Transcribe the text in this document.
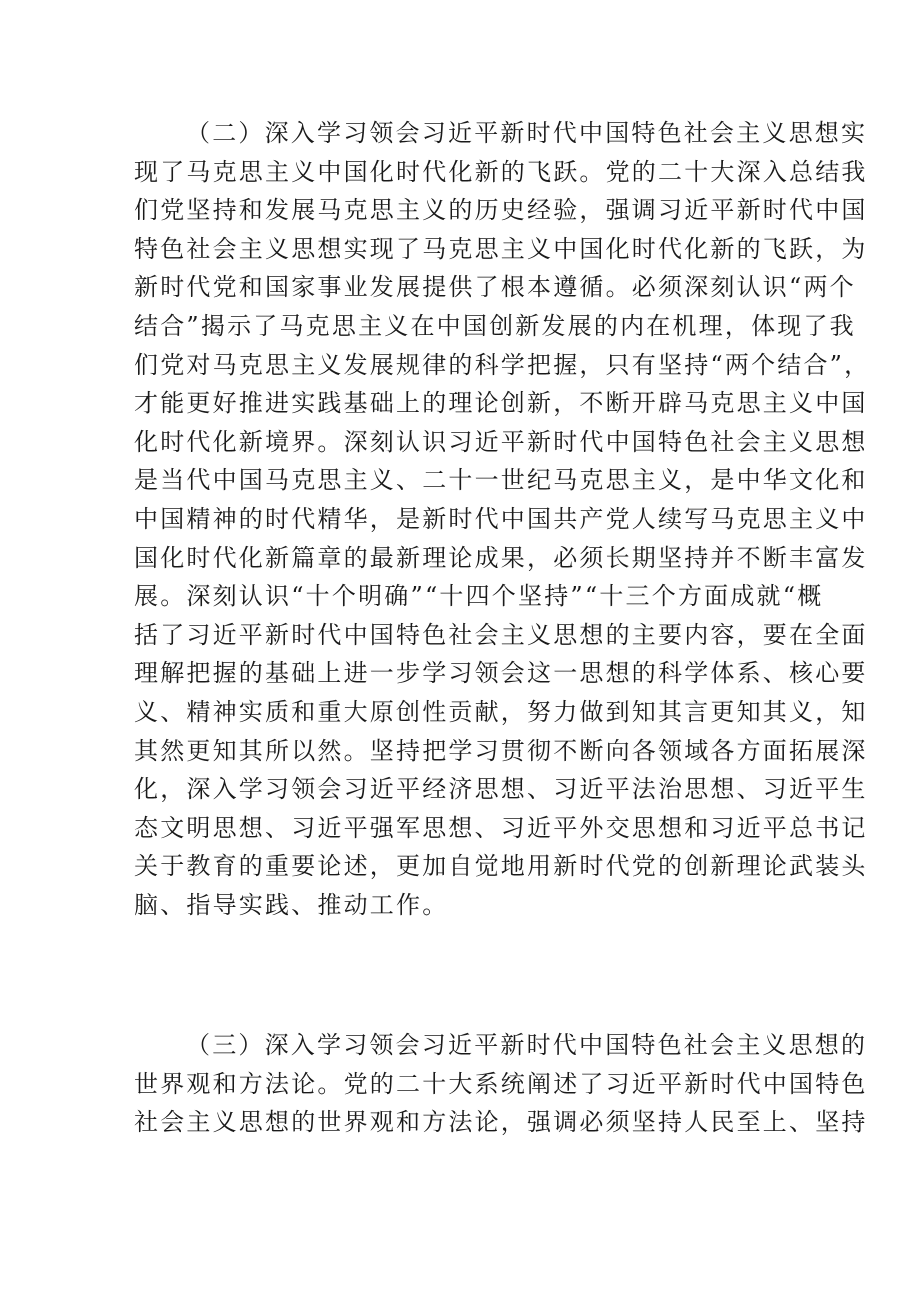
（二）深入学习领会习近平新时代中国特色社会主义思想实
现了马克思主义中国化时代化新的飞跃。党的二十大深入总结我
们党坚持和发展马克思主义的历史经验，强调习近平新时代中国
特色社会主义思想实现了马克思主义中国化时代化新的飞跃，为
新时代党和国家事业发展提供了根本遵循。必须深刻认识“两个
结合”揭示了马克思主义在中国创新发展的内在机理，体现了我
们党对马克思主义发展规律的科学把握，只有坚持“两个结合”，
才能更好推进实践基础上的理论创新，不断开辟马克思主义中国
化时代化新境界。深刻认识习近平新时代中国特色社会主义思想
是当代中国马克思主义、二十一世纪马克思主义，是中华文化和
中国精神的时代精华，是新时代中国共产党人续写马克思主义中
国化时代化新篇章的最新理论成果，必须长期坚持并不断丰富发
展。深刻认识“十个明确”“十四个坚持”“十三个方面成就“概
括了习近平新时代中国特色社会主义思想的主要内容，要在全面
理解把握的基础上进一步学习领会这一思想的科学体系、核心要
义、精神实质和重大原创性贡献，努力做到知其言更知其义，知
其然更知其所以然。坚持把学习贯彻不断向各领域各方面拓展深
化，深入学习领会习近平经济思想、习近平法治思想、习近平生
态文明思想、习近平强军思想、习近平外交思想和习近平总书记
关于教育的重要论述，更加自觉地用新时代党的创新理论武装头
脑、指导实践、推动工作。
（三）深入学习领会习近平新时代中国特色社会主义思想的
世界观和方法论。党的二十大系统阐述了习近平新时代中国特色
社会主义思想的世界观和方法论，强调必须坚持人民至上、坚持
